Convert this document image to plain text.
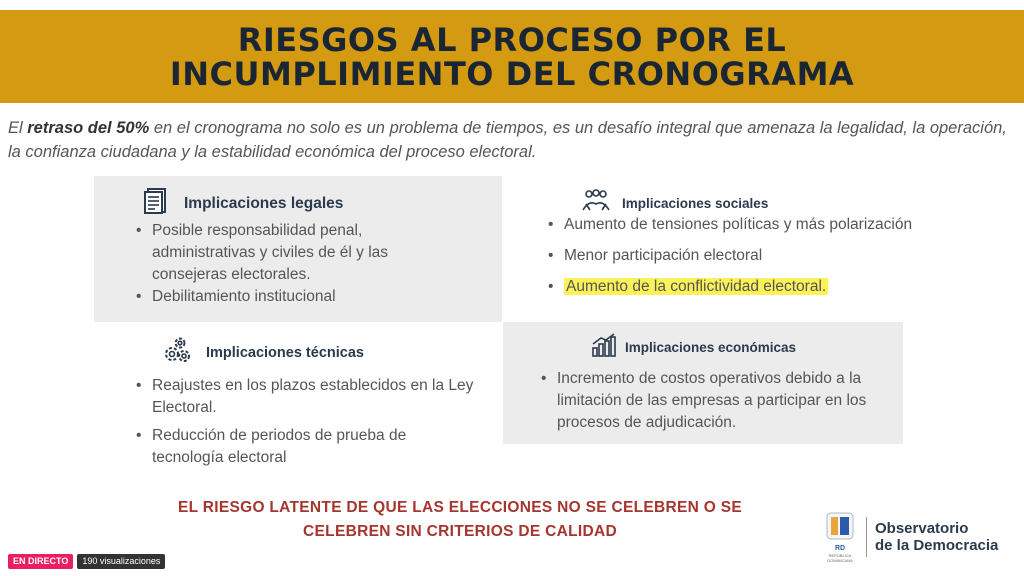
RIESGOS AL PROCESO POR EL
INCUMPLIMIENTO DEL CRONOGRAMA

El retraso del 50% en el cronograma no solo es un problema de tiempos, es un desafío integral que amenaza la legalidad, la operación, la confianza ciudadana y la estabilidad económica del proceso electoral.

Implicaciones legales
• Posible responsabilidad penal, administrativas y civiles de él y las consejeras electorales.
• Debilitamiento institucional
Implicaciones sociales
• Aumento de tensiones políticas y más polarización
• Menor participación electoral
• Aumento de la conflictividad electoral.
Implicaciones técnicas
• Reajustes en los plazos establecidos en la Ley Electoral.
• Reducción de periodos de prueba de tecnología electoral
Implicaciones económicas
• Incremento de costos operativos debido a la limitación de las empresas a participar en los procesos de adjudicación.
EL RIESGO LATENTE DE QUE LAS ELECCIONES NO SE CELEBREN O SE
CELEBREN SIN CRITERIOS DE CALIDAD
RD
REPÚBLICA DOMINICANA
Observatorio
de la Democracia
EN DIRECTO	190 visualizaciones
